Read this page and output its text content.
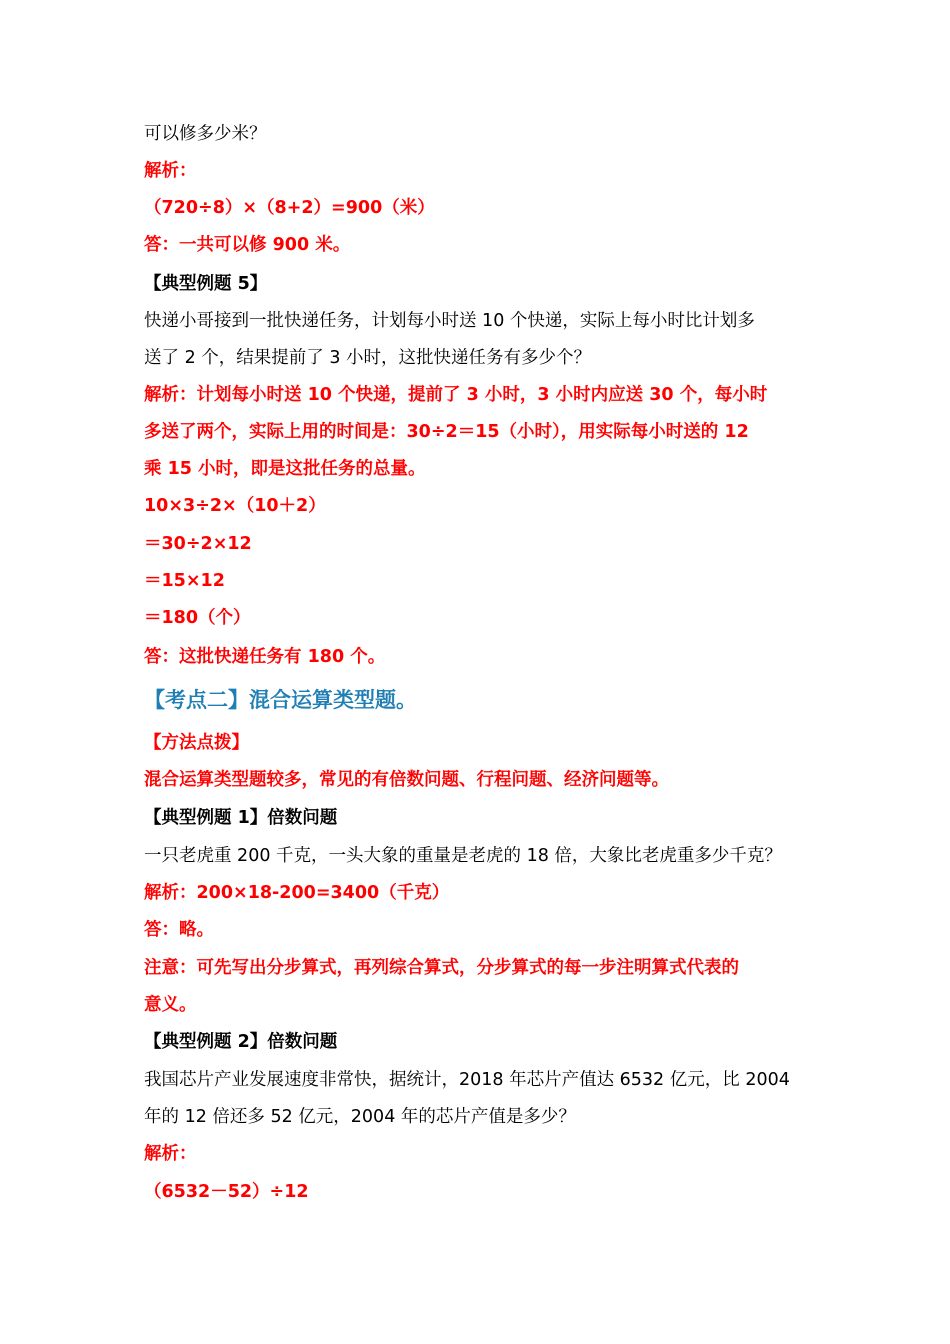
可以修多少米？
解析：
（720÷8）×（8+2）=900（米）
答：一共可以修 900 米。
【典型例题 5】
快递小哥接到一批快递任务，计划每小时送 10 个快递，实际上每小时比计划多
送了 2 个，结果提前了 3 小时，这批快递任务有多少个？
解析：计划每小时送 10 个快递，提前了 3 小时，3 小时内应送 30 个，每小时
多送了两个，实际上用的时间是：30÷2＝15（小时），用实际每小时送的 12
乘 15 小时，即是这批任务的总量。
10×3÷2×（10＋2）
＝30÷2×12
＝15×12
＝180（个）
答：这批快递任务有 180 个。
【考点二】混合运算类型题。
【方法点拨】
混合运算类型题较多，常见的有倍数问题、行程问题、经济问题等。
【典型例题 1】倍数问题
一只老虎重 200 千克，一头大象的重量是老虎的 18 倍，大象比老虎重多少千克？
解析：200×18-200=3400（千克）
答：略。
注意：可先写出分步算式，再列综合算式，分步算式的每一步注明算式代表的
意义。
【典型例题 2】倍数问题
我国芯片产业发展速度非常快，据统计，2018 年芯片产值达 6532 亿元，比 2004
年的 12 倍还多 52 亿元，2004 年的芯片产值是多少？
解析：
（6532－52）÷12
